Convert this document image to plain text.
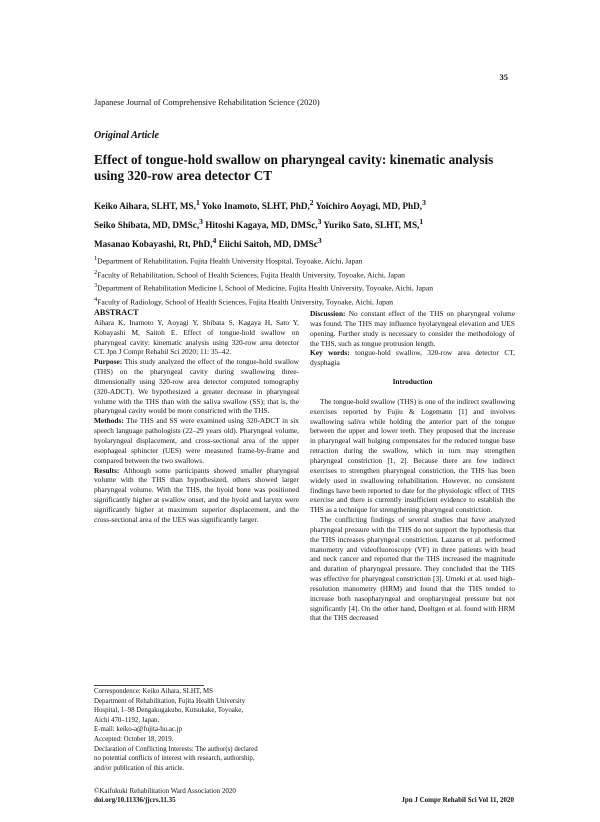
35
Japanese Journal of Comprehensive Rehabilitation Science (2020)
Original Article
Effect of tongue-hold swallow on pharyngeal cavity: kinematic analysis using 320-row area detector CT
Keiko Aihara, SLHT, MS,$^1$ Yoko Inamoto, SLHT, PhD,$^2$ Yoichiro Aoyagi, MD, PhD,$^3$
Seiko Shibata, MD, DMSc,$^3$ Hitoshi Kagaya, MD, DMSc,$^3$ Yuriko Sato, SLHT, MS,$^1$
Masanao Kobayashi, Rt, PhD,$^4$ Eiichi Saitoh, MD, DMSc$^3$
$^1$Department of Rehabilitation, Fujita Health University Hospital, Toyoake, Aichi, Japan
$^2$Faculty of Rehabilitation, School of Health Sciences, Fujita Health University, Toyoake, Aichi, Japan
$^3$Department of Rehabilitation Medicine I, School of Medicine, Fujita Health University, Toyoake, Aichi, Japan
$^4$Faculty of Radiology, School of Health Sciences, Fujita Health University, Toyoake, Aichi, Japan

ABSTRACT

Aihara K, Inamoto Y, Aoyagi Y, Shibata S, Kagaya H, Sato Y, Kobayashi M, Saitoh E. Effect of tongue-hold swallow on pharyngeal cavity: kinematic analysis using 320-row area detector CT. Jpn J Compr Rehabil Sci 2020; 11: 35–42.

Purpose: This study analyzed the effect of the tongue-hold swallow (THS) on the pharyngeal cavity during swallowing three-dimensionally using 320-row area detector computed tomography (320-ADCT). We hypothesized a greater decrease in pharyngeal volume with the THS than with the saliva swallow (SS); that is, the pharyngeal cavity would be more constricted with the THS.

Methods: The THS and SS were examined using 320-ADCT in six speech language pathologists (22–29 years old). Pharyngeal volume, hyolaryngeal displacement, and cross-sectional area of the upper esophageal sphincter (UES) were measured frame-by-frame and compared between the two swallows.

Results: Although some participants showed smaller pharyngeal volume with the THS than hypothesized, others showed larger pharyngeal volume. With the THS, the hyoid bone was positioned significantly higher at swallow onset, and the hyoid and larynx were significantly higher at maximum superior displacement, and the cross-sectional area of the UES was significantly larger.

Discussion: No constant effect of the THS on pharyngeal volume was found. The THS may influence hyolaryngeal elevation and UES opening. Further study is necessary to consider the methodology of the THS, such as tongue protrusion length.

Key words: tongue-hold swallow, 320-row area detector CT, dysphagia

Introduction

The tongue-hold swallow (THS) is one of the indirect swallowing exercises reported by Fujiu & Logemann [1] and involves swallowing saliva while holding the anterior part of the tongue between the upper and lower teeth. They proposed that the increase in pharyngeal wall bulging compensates for the reduced tongue base retraction during the swallow, which in turn may strengthen pharyngeal constriction [1, 2]. Because there are few indirect exercises to strengthen pharyngeal constriction, the THS has been widely used in swallowing rehabilitation. However, no consistent findings have been reported to date for the physiologic effect of THS exercise and there is currently insufficient evidence to establish the THS as a technique for strengthening pharyngeal constriction.

The conflicting findings of several studies that have analyzed pharyngeal pressure with the THS do not support the hypothesis that the THS increases pharyngeal constriction. Lazarus et al. performed manometry and videofluoroscopy (VF) in three patients with head and neck cancer and reported that the THS increased the magnitude and duration of pharyngeal pressure. They concluded that the THS was effective for pharyngeal constriction [3]. Umeki et al. used high-resolution manometry (HRM) and found that the THS tended to increase both nasopharyngeal and oropharyngeal pressure but not significantly [4]. On the other hand, Doeltgen et al. found with HRM that the THS decreased

Correspondence: Keiko Aihara, SLHT, MS

Department of Rehabilitation, Fujita Health University

Hospital, 1–98 Dengakugakubo, Kutsukake, Toyoake,

Aichi 470–1192, Japan.

E-mail: keiko-a@fujita-hu.ac.jp

Accepted: October 18, 2019.

Declaration of Conflicting Interests: The author(s) declared

no potential conflicts of interest with research, authorship,

and/or publication of this article.

©Kaifukuki Rehabilitation Ward Association 2020
doi.org/10.11336/jjcrs.11.35	Jpn J Compr Rehabil Sci Vol 11, 2020
